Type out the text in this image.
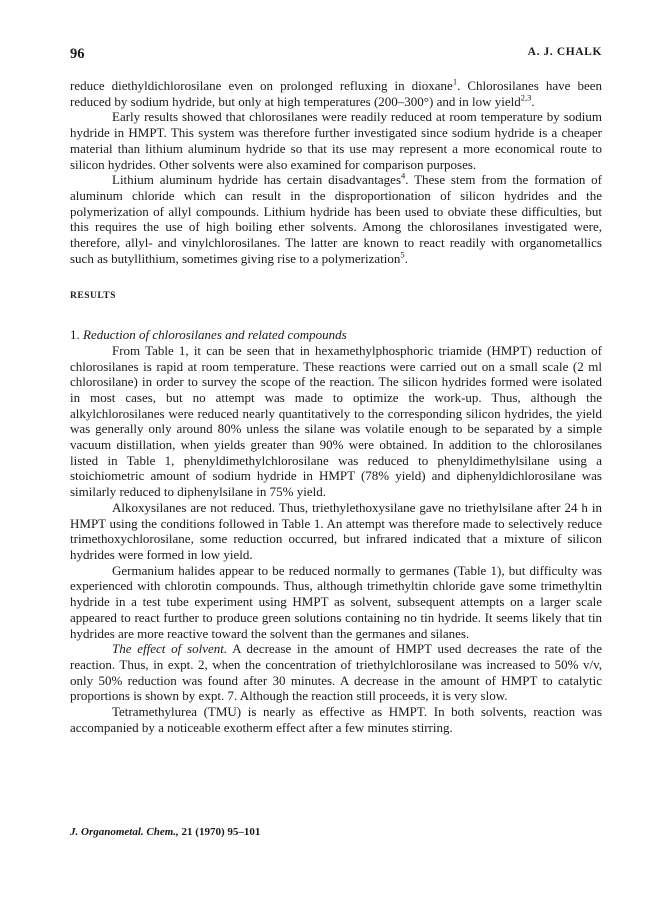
96	A. J. CHALK

reduce diethyldichlorosilane even on prolonged refluxing in dioxane$^1$. Chlorosilanes have been reduced by sodium hydride, but only at high temperatures (200–300°) and in low yield$^{2,3}$.

Early results showed that chlorosilanes were readily reduced at room temperature by sodium hydride in HMPT. This system was therefore further investigated since sodium hydride is a cheaper material than lithium aluminum hydride so that its use may represent a more economical route to silicon hydrides. Other solvents were also examined for comparison purposes.

Lithium aluminum hydride has certain disadvantages$^4$. These stem from the formation of aluminum chloride which can result in the disproportionation of silicon hydrides and the polymerization of allyl compounds. Lithium hydride has been used to obviate these difficulties, but this requires the use of high boiling ether solvents. Among the chlorosilanes investigated were, therefore, allyl- and vinylchlorosilanes. The latter are known to react readily with organometallics such as butyllithium, sometimes giving rise to a polymerization$^5$.

RESULTS

1. Reduction of chlorosilanes and related compounds

From Table 1, it can be seen that in hexamethylphosphoric triamide (HMPT) reduction of chlorosilanes is rapid at room temperature. These reactions were carried out on a small scale (2 ml chlorosilane) in order to survey the scope of the reaction. The silicon hydrides formed were isolated in most cases, but no attempt was made to optimize the work-up. Thus, although the alkylchlorosilanes were reduced nearly quantitatively to the corresponding silicon hydrides, the yield was generally only around 80% unless the silane was volatile enough to be separated by a simple vacuum distillation, when yields greater than 90% were obtained. In addition to the chlorosilanes listed in Table 1, phenyldimethylchlorosilane was reduced to phenyldimethylsilane using a stoichiometric amount of sodium hydride in HMPT (78% yield) and diphenyldichlorosilane was similarly reduced to diphenylsilane in 75% yield.

Alkoxysilanes are not reduced. Thus, triethylethoxysilane gave no triethylsilane after 24 h in HMPT using the conditions followed in Table 1. An attempt was therefore made to selectively reduce trimethoxychlorosilane, some reduction occurred, but infrared indicated that a mixture of silicon hydrides were formed in low yield.

Germanium halides appear to be reduced normally to germanes (Table 1), but difficulty was experienced with chlorotin compounds. Thus, although trimethyltin chloride gave some trimethyltin hydride in a test tube experiment using HMPT as solvent, subsequent attempts on a larger scale appeared to react further to produce green solutions containing no tin hydride. It seems likely that tin hydrides are more reactive toward the solvent than the germanes and silanes.

The effect of solvent. A decrease in the amount of HMPT used decreases the rate of the reaction. Thus, in expt. 2, when the concentration of triethylchlorosilane was increased to 50% v/v, only 50% reduction was found after 30 minutes. A decrease in the amount of HMPT to catalytic proportions is shown by expt. 7. Although the reaction still proceeds, it is very slow.

Tetramethylurea (TMU) is nearly as effective as HMPT. In both solvents, reaction was accompanied by a noticeable exotherm effect after a few minutes stirring.

J. Organometal. Chem., 21 (1970) 95–101
